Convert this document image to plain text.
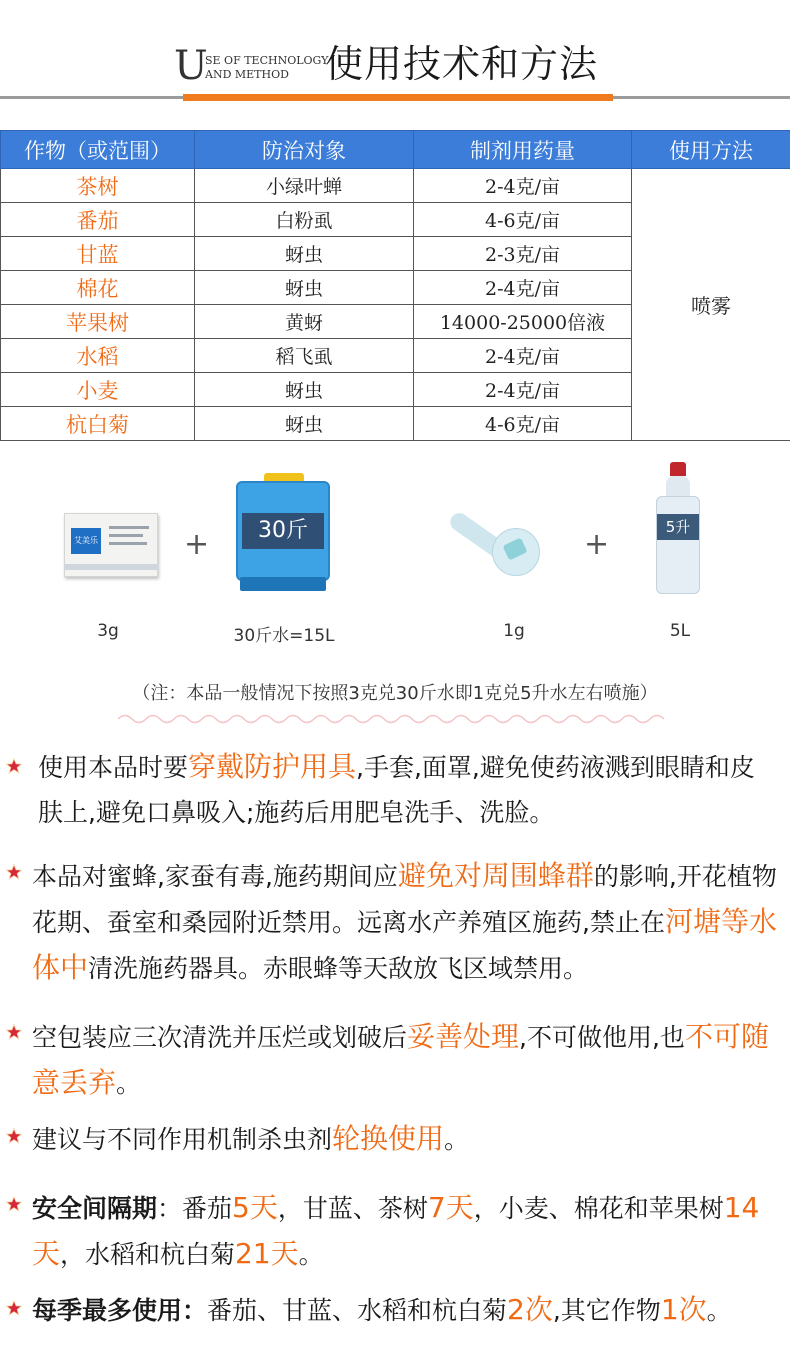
U
SE OF TECHNOLOGY
AND METHOD 使用技术和方法
作物（或范围）	防治对象	制剂用药量	使用方法
茶树	小绿叶蝉	2-4克/亩	喷雾
番茄	白粉虱	4-6克/亩	
甘蓝	蚜虫	2-3克/亩	
棉花	蚜虫	2-4克/亩	
苹果树	黄蚜	14000-25000倍液	
水稻	稻飞虱	2-4克/亩	
小麦	蚜虫	2-4克/亩	
杭白菊	蚜虫	4-6克/亩	
艾美乐	+	30斤	+	5升
3g	30斤水=15L	1g	5L
（注：本品一般情况下按照3克兑30斤水即1克兑5升水左右喷施）
使用本品时要穿戴防护用具,手套,面罩,避免使药液溅到眼睛和皮肤上,避免口鼻吸入;施药后用肥皂洗手、洗脸。
本品对蜜蜂,家蚕有毒,施药期间应避免对周围蜂群的影响,开花植物花期、蚕室和桑园附近禁用。远离水产养殖区施药,禁止在河塘等水体中清洗施药器具。赤眼蜂等天敌放飞区域禁用。
空包装应三次清洗并压烂或划破后妥善处理,不可做他用,也不可随意丢弃。
建议与不同作用机制杀虫剂轮换使用。
安全间隔期：番茄5天，甘蓝、茶树7天，小麦、棉花和苹果树14天，水稻和杭白菊21天。
每季最多使用：番茄、甘蓝、水稻和杭白菊2次,其它作物1次。
